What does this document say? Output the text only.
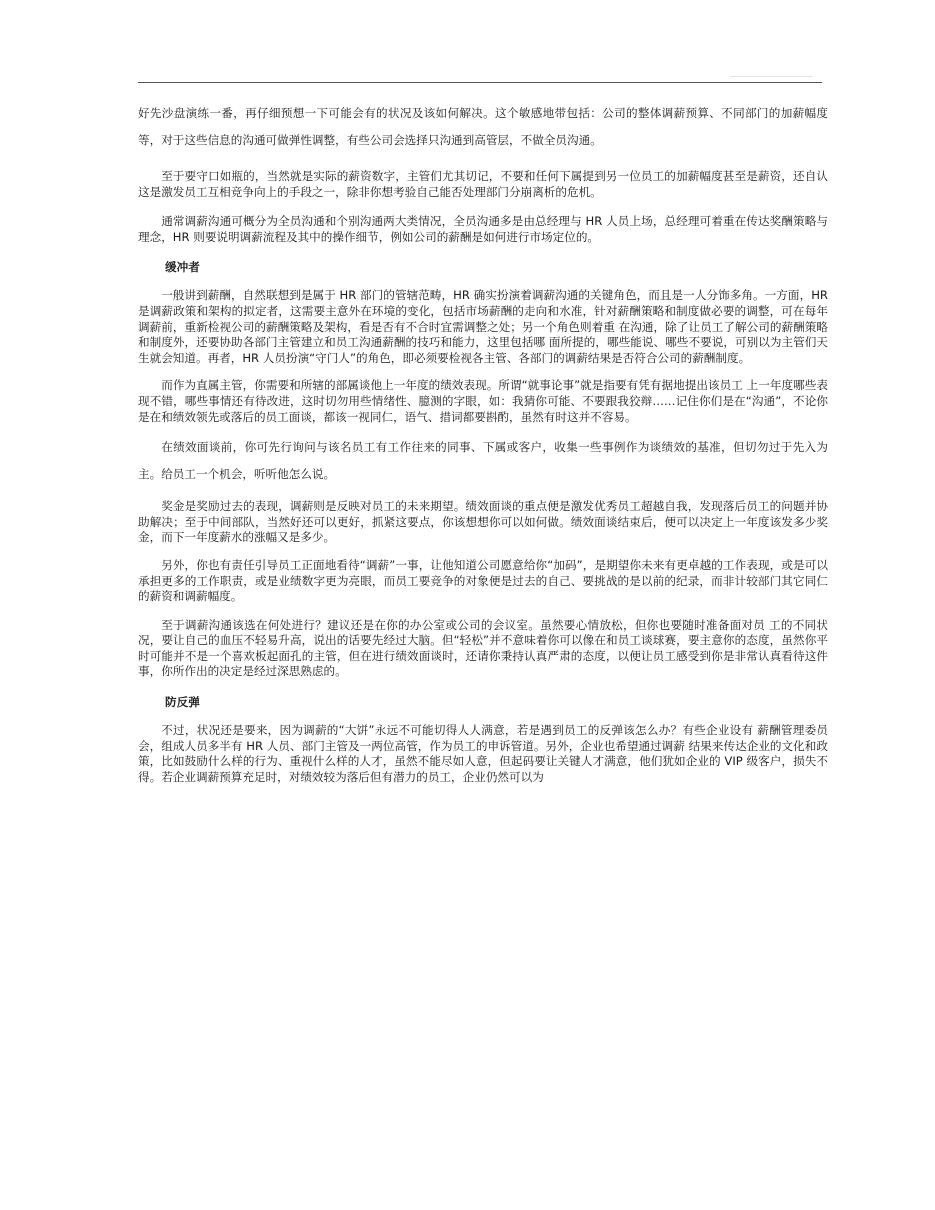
好先沙盘演练一番，再仔细预想一下可能会有的状况及该如何解决。这个敏感地带包括：公司的整体调薪预算、不同部门的加薪幅度等，对于这些信息的沟通可做弹性调整，有些公司会选择只沟通到高管层，不做全员沟通。

至于要守口如瓶的，当然就是实际的薪资数字，主管们尤其切记，不要和任何下属提到另一位员工的加薪幅度甚至是薪资，还自认这是激发员工互相竞争向上的手段之一，除非你想考验自己能否处理部门分崩离析的危机。

通常调薪沟通可概分为全员沟通和个别沟通两大类情况，全员沟通多是由总经理与 HR 人员上场，总经理可着重在传达奖酬策略与理念，HR 则要说明调薪流程及其中的操作细节，例如公司的薪酬是如何进行市场定位的。

缓冲者

一般讲到薪酬，自然联想到是属于 HR 部门的管辖范畴，HR 确实扮演着调薪沟通的关键角色，而且是一人分饰多角。一方面，HR 是调薪政策和架构的拟定者，这需要主意外在环境的变化，包括市场薪酬的走向和水准，针对薪酬策略和制度做必要的调整，可在每年调薪前，重新检视公司的薪酬策略及架构，看是否有不合时宜需调整之处；另一个角色则着重 在沟通，除了让员工了解公司的薪酬策略和制度外，还要协助各部门主管建立和员工沟通薪酬的技巧和能力，这里包括哪 面所提的，哪些能说、哪些不要说，可别以为主管们天生就会知道。再者，HR 人员扮演“守门人”的角色，即必须要检视各主管、各部门的调薪结果是否符合公司的薪酬制度。

而作为直属主管，你需要和所辖的部属谈他上一年度的绩效表现。所谓“就事论事”就是指要有凭有据地提出该员工 上一年度哪些表现不错，哪些事情还有待改进，这时切勿用些情绪性、臆测的字眼，如：我猜你可能、不要跟我狡辩……记住你们是在“沟通”，不论你是在和绩效领先或落后的员工面谈，都该一视同仁，语气、措词都要斟酌，虽然有时这并不容易。

在绩效面谈前，你可先行询问与该名员工有工作往来的同事、下属或客户，收集一些事例作为谈绩效的基准，但切勿过于先入为主。给员工一个机会，听听他怎么说。

奖金是奖励过去的表现，调薪则是反映对员工的未来期望。绩效面谈的重点便是激发优秀员工超越自我，发现落后员工的问题并协助解决；至于中间部队，当然好还可以更好，抓紧这要点，你该想想你可以如何做。绩效面谈结束后，便可以决定上一年度该发多少奖金，而下一年度薪水的涨幅又是多少。

另外，你也有责任引导员工正面地看待“调薪”一事，让他知道公司愿意给你“加码”，是期望你未来有更卓越的工作表现，或是可以承担更多的工作职责，或是业绩数字更为亮眼，而员工要竞争的对象便是过去的自己、要挑战的是以前的纪录，而非计较部门其它同仁的薪资和调薪幅度。

至于调薪沟通该选在何处进行？建议还是在你的办公室或公司的会议室。虽然要心情放松，但你也要随时准备面对员 工的不同状况，要让自己的血压不轻易升高，说出的话要先经过大脑。但“轻松”并不意味着你可以像在和员工谈球赛，要主意你的态度，虽然你平时可能并不是一个喜欢板起面孔的主管，但在进行绩效面谈时，还请你秉持认真严肃的态度，以便让员工感受到你是非常认真看待这件事，你所作出的决定是经过深思熟虑的。

防反弹

不过，状况还是要来，因为调薪的“大饼”永远不可能切得人人满意，若是遇到员工的反弹该怎么办？有些企业设有 薪酬管理委员会，组成人员多半有 HR 人员、部门主管及一两位高管，作为员工的申诉管道。另外，企业也希望通过调薪 结果来传达企业的文化和政策，比如鼓励什么样的行为、重视什么样的人才，虽然不能尽如人意，但起码要让关键人才满意，他们犹如企业的 VIP 级客户，损失不得。若企业调薪预算充足时，对绩效较为落后但有潜力的员工，企业仍然可以为
